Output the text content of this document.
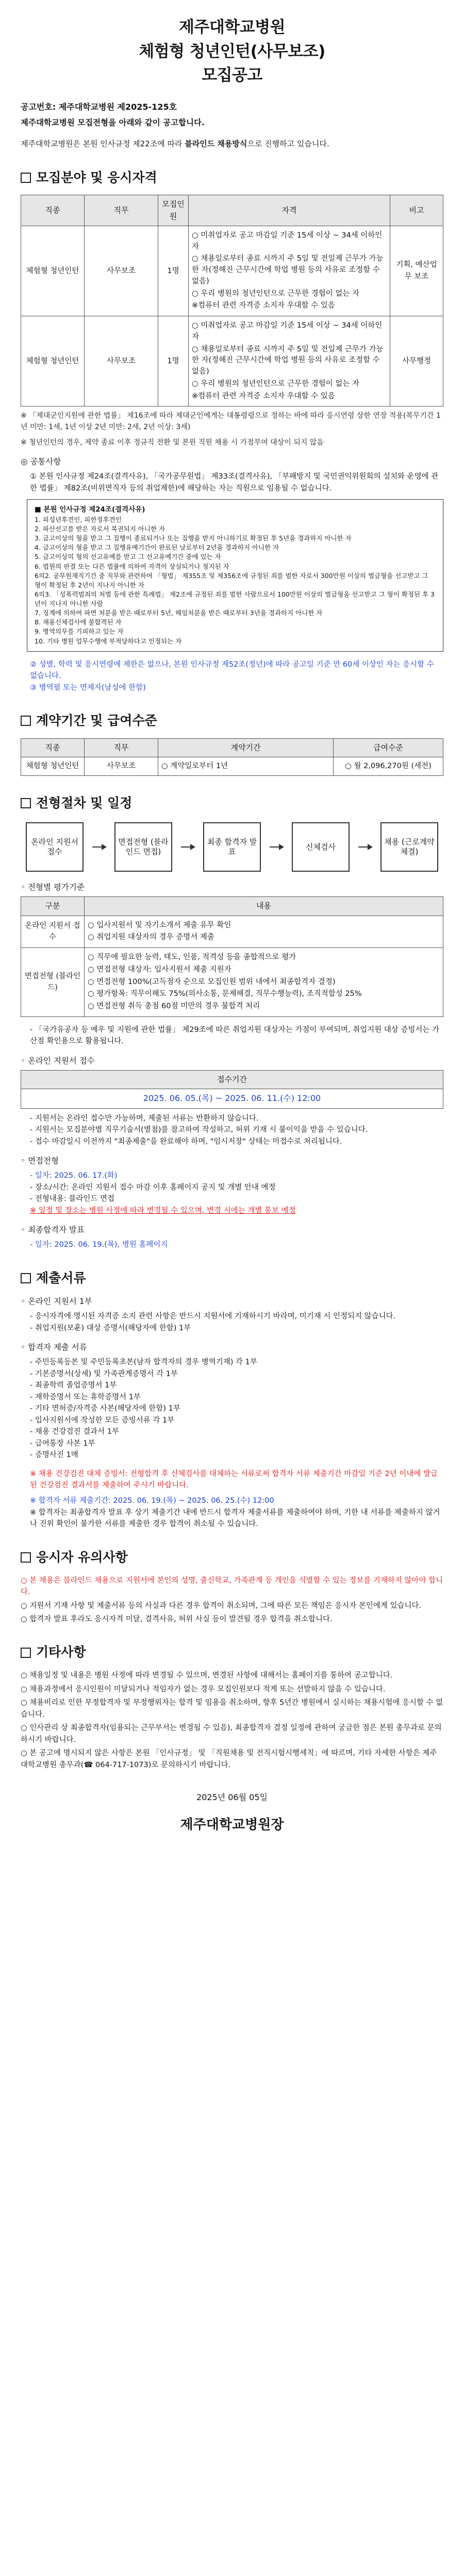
제주대학교병원
체험형 청년인턴(사무보조)
모집공고
공고번호: 제주대학교병원 제2025-125호
제주대학교병원 모집전형을 아래와 같이 공고합니다.
제주대학교병원은 본원 인사규정 제22조에 따라 블라인드 채용방식으로 진행하고 있습니다.
모집분야 및 응시자격
직종	직무	모집인원	자격	비고
체험형 청년인턴	사무보조	1명	○ 미취업자로 공고 마감일 기준 15세 이상 ~ 34세 이하인 자
○ 채용일로부터 종료 시까지 주 5일 및 전일제 근무가 가능한 자(정해진 근무시간에 학업 병원 등의 사유로 조정할 수 없음)
○ 우리 병원의 청년인턴으로 근무한 경험이 없는 자
※컴퓨터 관련 자격증 소지자 우대할 수 있음	기획, 예산업무 보조
체험형 청년인턴	사무보조	1명	○ 미취업자로 공고 마감일 기준 15세 이상 ~ 34세 이하인 자
○ 채용일로부터 종료 시까지 주 5일 및 전일제 근무가 가능한 자(정해진 근무시간에 학업 병원 등의 사유로 조정할 수 없음)
○ 우리 병원의 청년인턴으로 근무한 경험이 없는 자
※컴퓨터 관련 자격증 소지자 우대할 수 있음	사무행정
※ 「제대군인지원에 관한 법률」 제16조에 따라 제대군인에게는 대통령령으로 정하는 바에 따라 응시연령 상한 연장 적용(복무기간 1년 미만: 1세, 1년 이상 2년 미만: 2세, 2년 이상: 3세)
※ 청년인턴의 경우, 제약 종료 이후 정규직 전환 및 본원 직원 채용 시 가점부여 대상이 되지 않음
◎ 공통사항
① 본원 인사규정 제24조(결격사유), 「국가공무원법」 제33조(결격사유), 「부패방지 및 국민권익위원회의 설치와 운영에 관한 법률」 제82조(비위면직자 등의 취업제한)에 해당하는 자는 직원으로 임용될 수 없습니다.
■ 본원 인사규정 제24조(결격사유)
1. 피성년후견인, 피한정후견인
2. 파산선고를 받은 자로서 복권되지 아니한 자
3. 금고이상의 형을 받고 그 집행이 종료되거나 또는 집행을 받지 아니하기로 확정된 후 5년을 경과하지 아니한 자
4. 금고이상의 형을 받고 그 집행유예기간이 완료된 날로부터 2년을 경과하지 아니한 자
5. 금고이상의 형의 선고유예를 받고 그 선고유예기간 중에 있는 자
6. 법원의 판결 또는 다른 법률에 의하여 자격이 상실되거나 정지된 자
6의2. 공무원재직기간 중 직무와 관련하여 「형법」 제355조 및 제356조에 규정된 죄를 범한 자로서 300만원 이상의 벌금형을 선고받고 그 형이 확정된 후 2년이 지나지 아니한 자
6의3. 「성폭력범죄의 처벌 등에 관한 특례법」 제2조에 규정된 죄를 범한 사람으로서 100만원 이상의 벌금형을 선고받고 그 형이 확정된 후 3년이 지나지 아니한 사람
7. 징계에 의하여 파면 처분을 받은 때로부터 5년, 해임처분을 받은 때로부터 3년을 경과하지 아니한 자
8. 채용신체검사에 불합격된 자
9. 병역의무를 기피하고 있는 자
10. 기타 병원 업무수행에 부적당하다고 인정되는 자
② 성별, 학력 및 응시연령에 제한은 없으나, 본원 인사규정 제52조(정년)에 따라 공고일 기준 만 60세 이상인 자는 응시할 수 없습니다.
③ 병역필 또는 면제자(남성에 한함)
계약기간 및 급여수준
직종	직무	계약기간	급여수준
체험형 청년인턴	사무보조	○ 계약일로부터 1년	○ 월 2,096,270원 (세전)
전형절차 및 일정
온라인 지원서 접수
면접전형 (블라인드 면접)
최종 합격자 발표
신체검사
채용 (근로계약 체결)
◦ 전형별 평가기준
구분	내용
온라인 지원서 접수	○ 입사지원서 및 자기소개서 제출 유무 확인
○ 취업지원 대상자의 경우 증명서 제출

면접전형 (블라인드)	○ 직무에 필요한 능력, 태도, 인품, 적격성 등을 종합적으로 평가
○ 면접전형 대상자: 입사지원서 제출 지원자
○ 면접전형 100%(고득점자 순으로 모집인원 범위 내에서 최종합격자 결정)
○ 평가항목: 직무이해도 75%(의사소통, 문제해결, 직무수행능력), 조직적합성 25%
○ 면접전형 취득 총점 60점 미만의 경우 불합격 처리
- 「국가유공자 등 예우 및 지원에 관한 법률」 제29조에 따른 취업지원 대상자는 가점이 부여되며, 취업지원 대상 증빙서는 가산점 확인용으로 활용됩니다.
◦ 온라인 지원서 접수
접수기간
2025. 06. 05.(목) ~ 2025. 06. 11.(수) 12:00
- 지원서는 온라인 접수만 가능하며, 제출된 서류는 반환하지 않습니다.
- 지원서는 모집분야별 직무기술서(별첨)를 참고하여 작성하고, 허위 기재 시 불이익을 받을 수 있습니다.
- 접수 마감일시 이전까지 "최종제출"을 완료해야 하며, "임시저장" 상태는 미접수로 처리됩니다.
◦ 면접전형
- 일자: 2025. 06. 17.(화)
- 장소/시간: 온라인 지원서 접수 마감 이후 홈페이지 공지 및 개별 안내 예정
- 전형내용: 블라인드 면접
※ 일정 및 장소는 병원 사정에 따라 변경될 수 있으며, 변경 시에는 개별 통보 예정
◦ 최종합격자 발표
- 일자: 2025. 06. 19.(목), 병원 홈페이지
제출서류
◦ 온라인 지원서 1부
- 응시자격에 명시된 자격증 소지 관련 사항은 반드시 지원서에 기재하시기 바라며, 미기재 시 인정되지 않습니다.
- 취업지원(보훈) 대상 증명서(해당자에 한함) 1부
◦ 합격자 제출 서류
- 주민등록등본 및 주민등록초본(남자 합격자의 경우 병역기재) 각 1부
- 기본증명서(상세) 및 가족관계증명서 각 1부
- 최종학력 졸업증명서 1부
- 재학증명서 또는 휴학증명서 1부
- 기타 면허증/자격증 사본(해당자에 한함) 1부
- 입사지원서에 작성한 모든 증빙서류 각 1부
- 채용 건강검진 결과서 1부
- 급여통장 사본 1부
- 증명사진 1매
※ 채용 건강검진 대체 증빙서: 전형합격 후 신체검사를 대체하는 서류로써 합격자 서류 제출기간 마감일 기준 2년 이내에 발급된 건강검진 결과서를 제출하여 주시기 바랍니다.
※ 합격자 서류 제출기간: 2025. 06. 19.(목) ~ 2025. 06. 25.(수) 12:00
※ 합격자는 최종합격자 발표 후 상기 제출기간 내에 반드시 합격자 제출서류를 제출하여야 하며, 기한 내 서류를 제출하지 않거나 진위 확인이 불가한 서류를 제출한 경우 합격이 취소될 수 있습니다.
응시자 유의사항
○ 본 채용은 블라인드 채용으로 지원서에 본인의 성명, 출신학교, 가족관계 등 개인을 식별할 수 있는 정보를 기재하지 않아야 합니다.
○ 지원서 기재 사항 및 제출서류 등의 사실과 다른 경우 합격이 취소되며, 그에 따른 모든 책임은 응시자 본인에게 있습니다.
○ 합격자 발표 후라도 응시자격 미달, 결격사유, 허위 사실 등이 발견될 경우 합격을 취소합니다.
기타사항
○ 채용일정 및 내용은 병원 사정에 따라 변경될 수 있으며, 변경된 사항에 대해서는 홈페이지를 통하여 공고합니다.
○ 채용과정에서 응시인원이 미달되거나 적임자가 없는 경우 모집인원보다 적게 또는 선발하지 않을 수 있습니다.
○ 채용비리로 인한 부정합격자 및 부정행위자는 합격 및 임용을 취소하며, 향후 5년간 병원에서 실시하는 채용시험에 응시할 수 없습니다.
○ 인사관리 상 최종합격자(임용되는 근무부서는 변경될 수 있음), 최종합격자 결정 일정에 관하여 궁금한 점은 본원 총무과로 문의하시기 바랍니다.
○ 본 공고에 명시되지 않은 사항은 본원 「인사규정」 및 「직원채용 및 전직시험시행세칙」에 따르며, 기타 자세한 사항은 제주대학교병원 총무과(☎ 064-717-1073)로 문의하시기 바랍니다.
2025년 06월 05일
제주대학교병원장
